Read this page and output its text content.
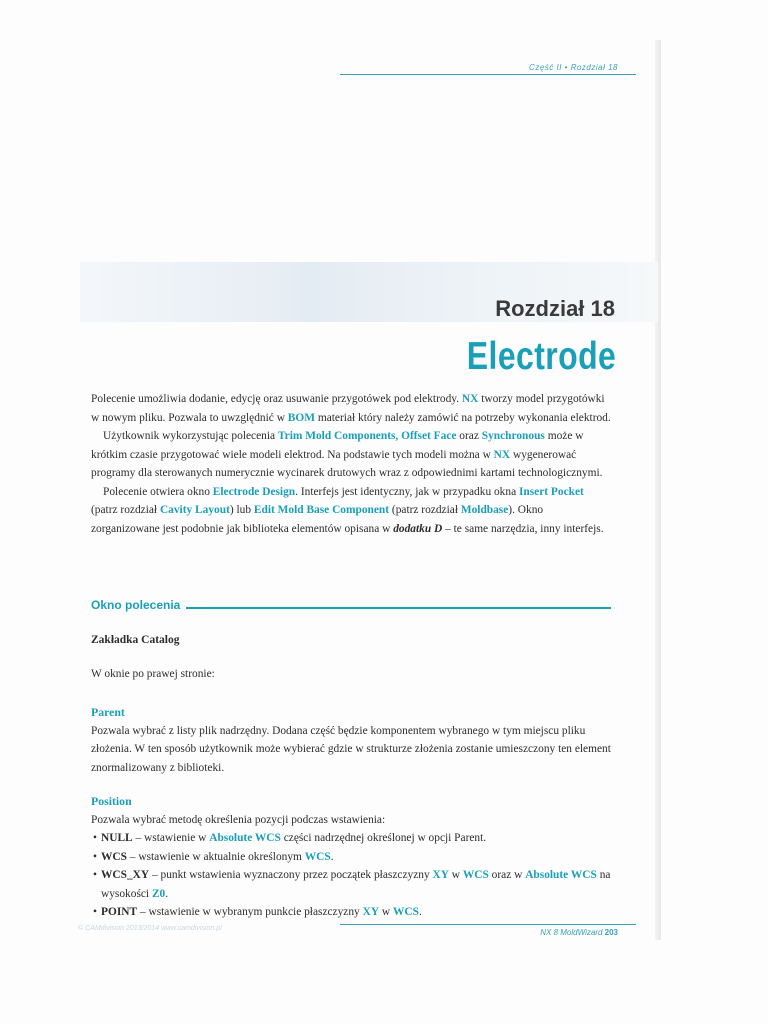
Część II • Rozdział 18
Rozdział 18
Electrode

Polecenie umożliwia dodanie, edycję oraz usuwanie przygotówek pod elektrody. NX tworzy model przygotówki w nowym pliku. Pozwala to uwzględnić w BOM materiał który należy zamówić na potrzeby wykonania elektrod.

Użytkownik wykorzystując polecenia Trim Mold Components, Offset Face oraz Synchronous może w krótkim czasie przygotować wiele modeli elektrod. Na podstawie tych modeli można w NX wygenerować programy dla sterowanych numerycznie wycinarek drutowych wraz z odpowiednimi kartami technologicznymi.

Polecenie otwiera okno Electrode Design. Interfejs jest identyczny, jak w przypadku okna Insert Pocket (patrz rozdział Cavity Layout) lub Edit Mold Base Component (patrz rozdział Moldbase). Okno zorganizowane jest podobnie jak biblioteka elementów opisana w dodatku D – te same narzędzia, inny interfejs.

Okno polecenia
Zakładka Catalog
W oknie po prawej stronie:
Parent
Pozwala wybrać z listy plik nadrzędny. Dodana część będzie komponentem wybranego w tym miejscu pliku złożenia. W ten sposób użytkownik może wybierać gdzie w strukturze złożenia zostanie umieszczony ten element znormalizowany z biblioteki.
Position
Pozwala wybrać metodę określenia pozycji podczas wstawienia:
• NULL – wstawienie w Absolute WCS części nadrzędnej określonej w opcji Parent.
• WCS – wstawienie w aktualnie określonym WCS.
• WCS_XY – punkt wstawienia wyznaczony przez początek płaszczyzny XY w WCS oraz w Absolute WCS na wysokości Z0.
• POINT – wstawienie w wybranym punkcie płaszczyzny XY w WCS.
© CAMdivision 2013/2014 www.camdivision.pl	NX 8 MoldWizard 203
